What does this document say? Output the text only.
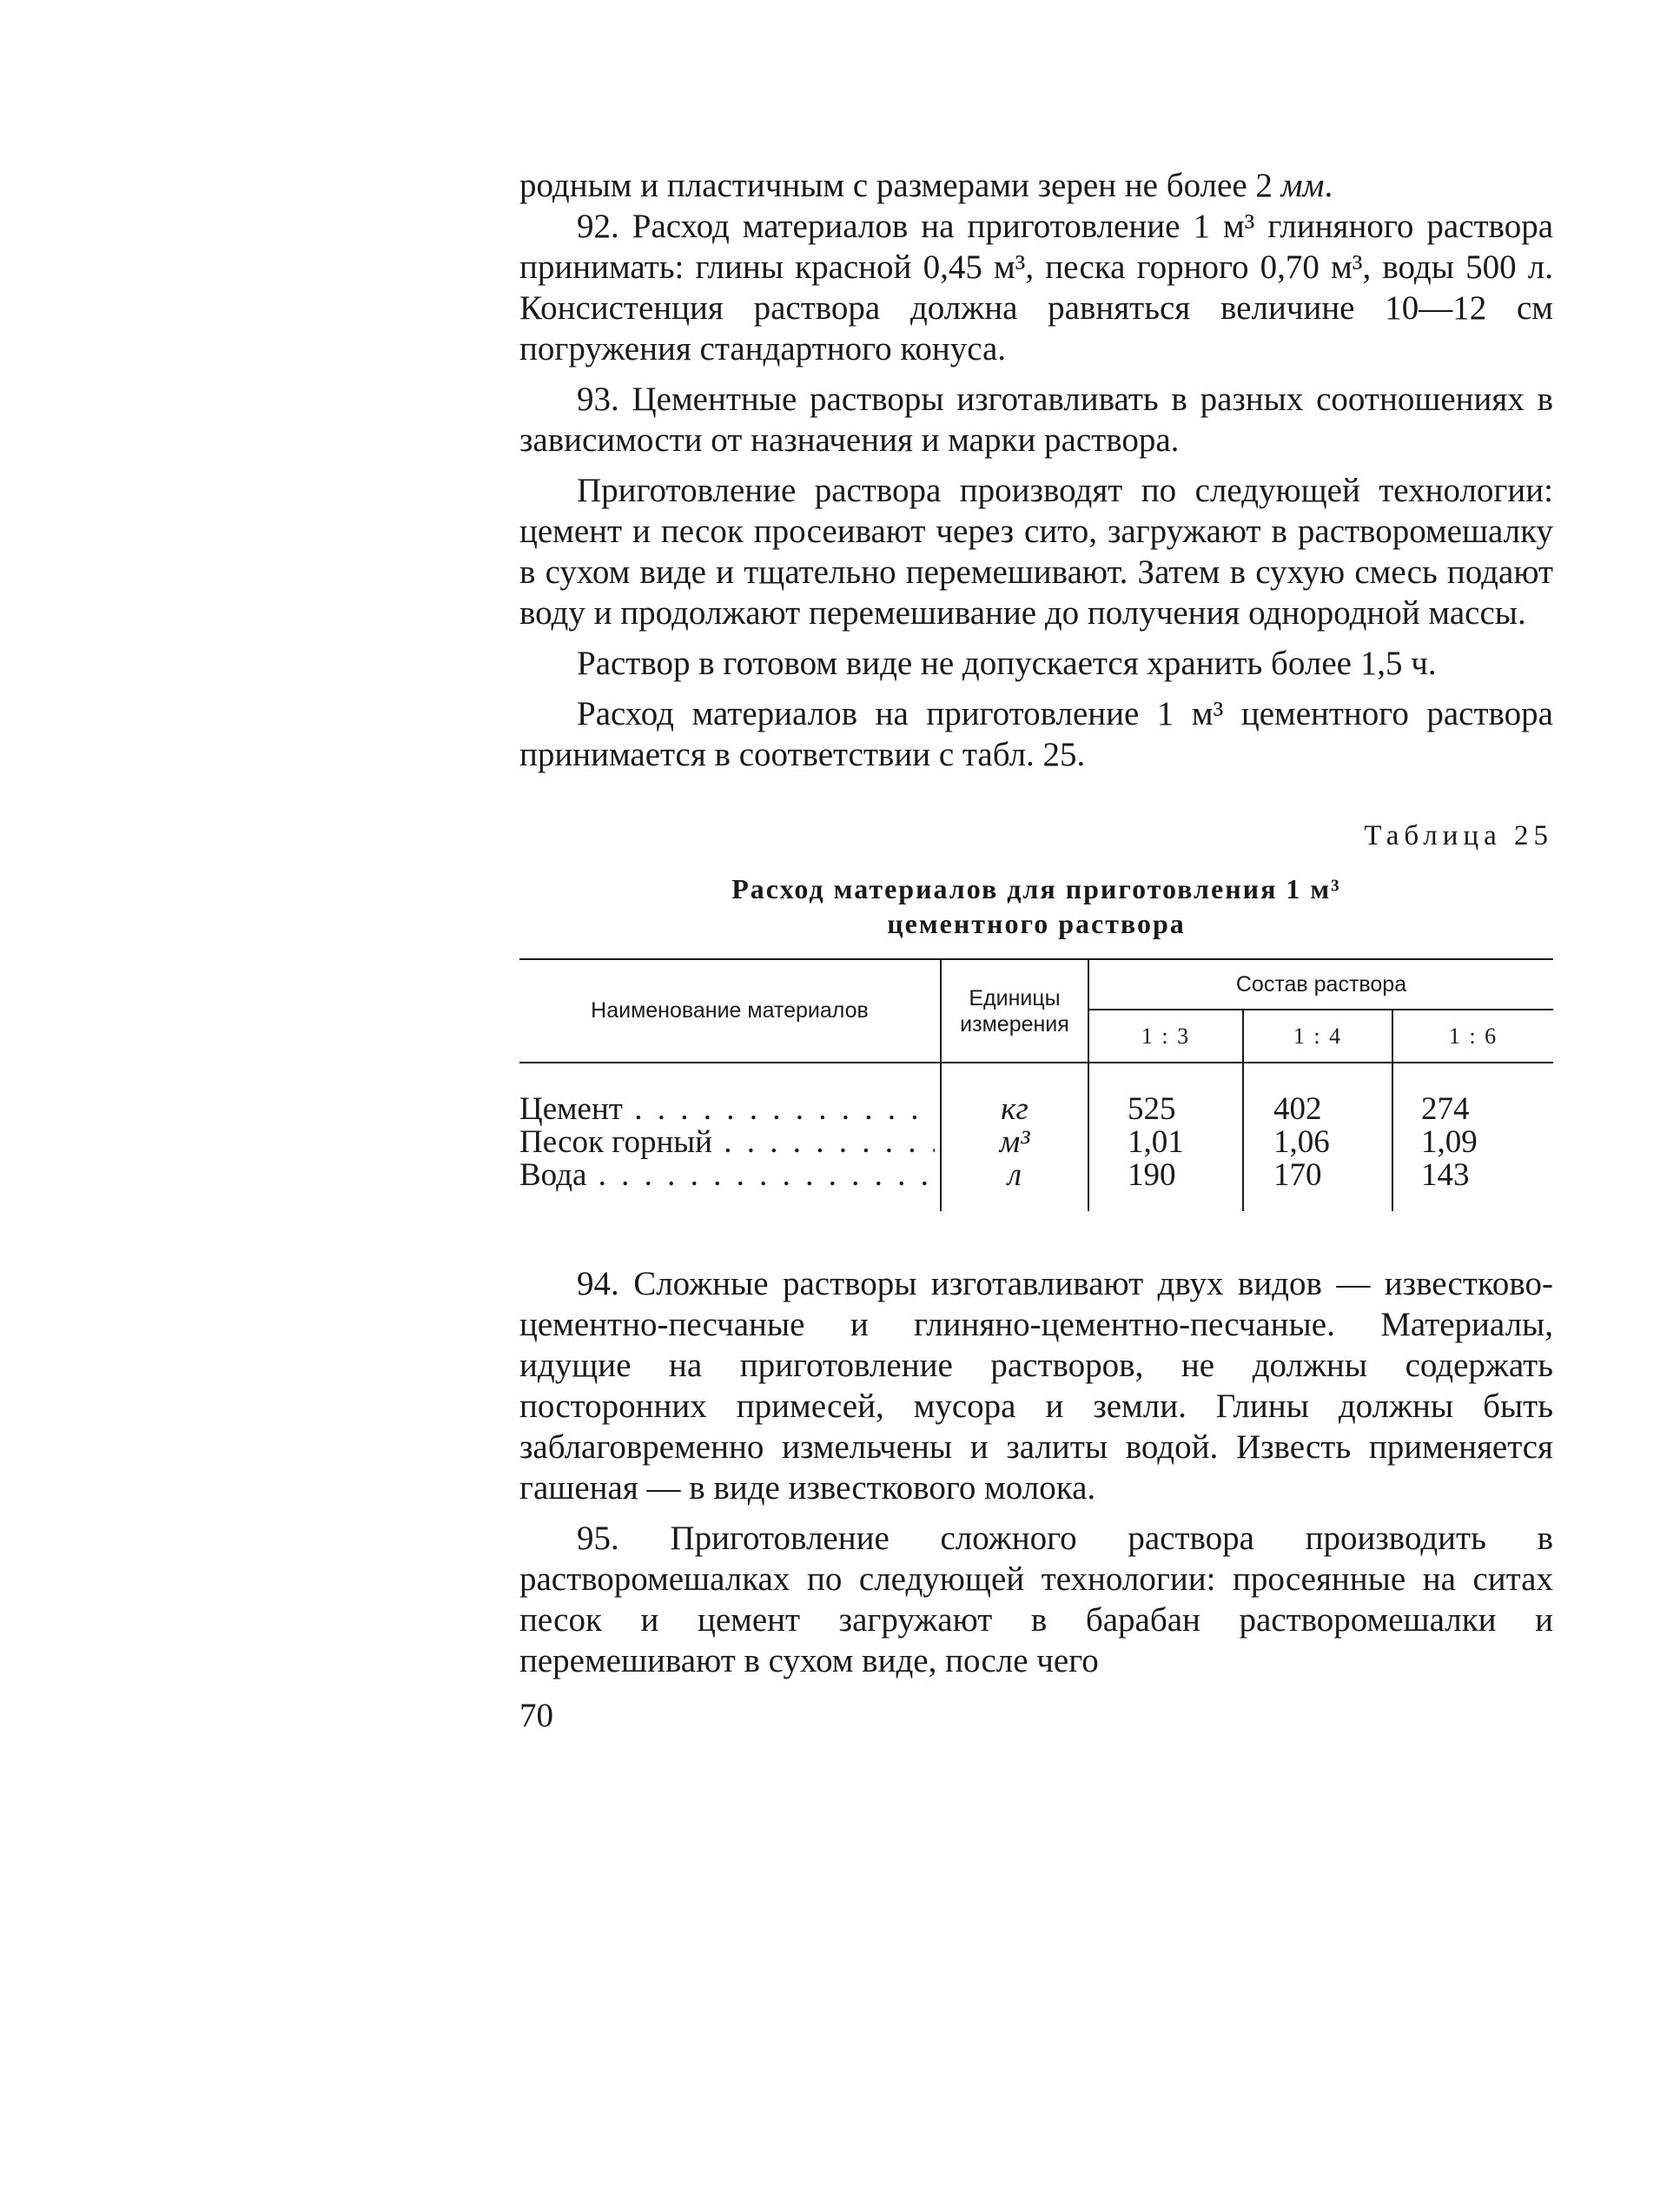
родным и пластичным с размерами зерен не более 2 мм.

92. Расход материалов на приготовление 1 м³ глиняного раствора принимать: глины красной 0,45 м³, песка горного 0,70 м³, воды 500 л. Консистенция раствора должна равняться величине 10—12 см погружения стандартного конуса.

93. Цементные растворы изготавливать в разных соотношениях в зависимости от назначения и марки раствора.

Приготовление раствора производят по следующей технологии: цемент и песок просеивают через сито, загружают в растворомешалку в сухом виде и тщательно перемешивают. Затем в сухую смесь подают воду и продолжают перемешивание до получения однородной массы.

Раствор в готовом виде не допускается хранить более 1,5 ч.

Расход материалов на приготовление 1 м³ цементного раствора принимается в соответствии с табл. 25.

Таблица 25
Расход материалов для приготовления 1 м³
цементного раствора
Наименование материалов
Единицы
измерения
Состав раствора
1 : 3	1 : 4	1 : 6
Цемент . . .	кг	525	402	274
Песок горный . . .	м³	1,01	1,06	1,09
Вода . . .	л	190	170	143

94. Сложные растворы изготавливают двух видов — известково-цементно-песчаные и глиняно-цементно-песчаные. Материалы, идущие на приготовление растворов, не должны содержать посторонних примесей, мусора и земли. Глины должны быть заблаговременно измельчены и залиты водой. Известь применяется гашеная — в виде известкового молока.

95. Приготовление сложного раствора производить в растворомешалках по следующей технологии: просеянные на ситах песок и цемент загружают в барабан растворомешалки и перемешивают в сухом виде, после чего

70
